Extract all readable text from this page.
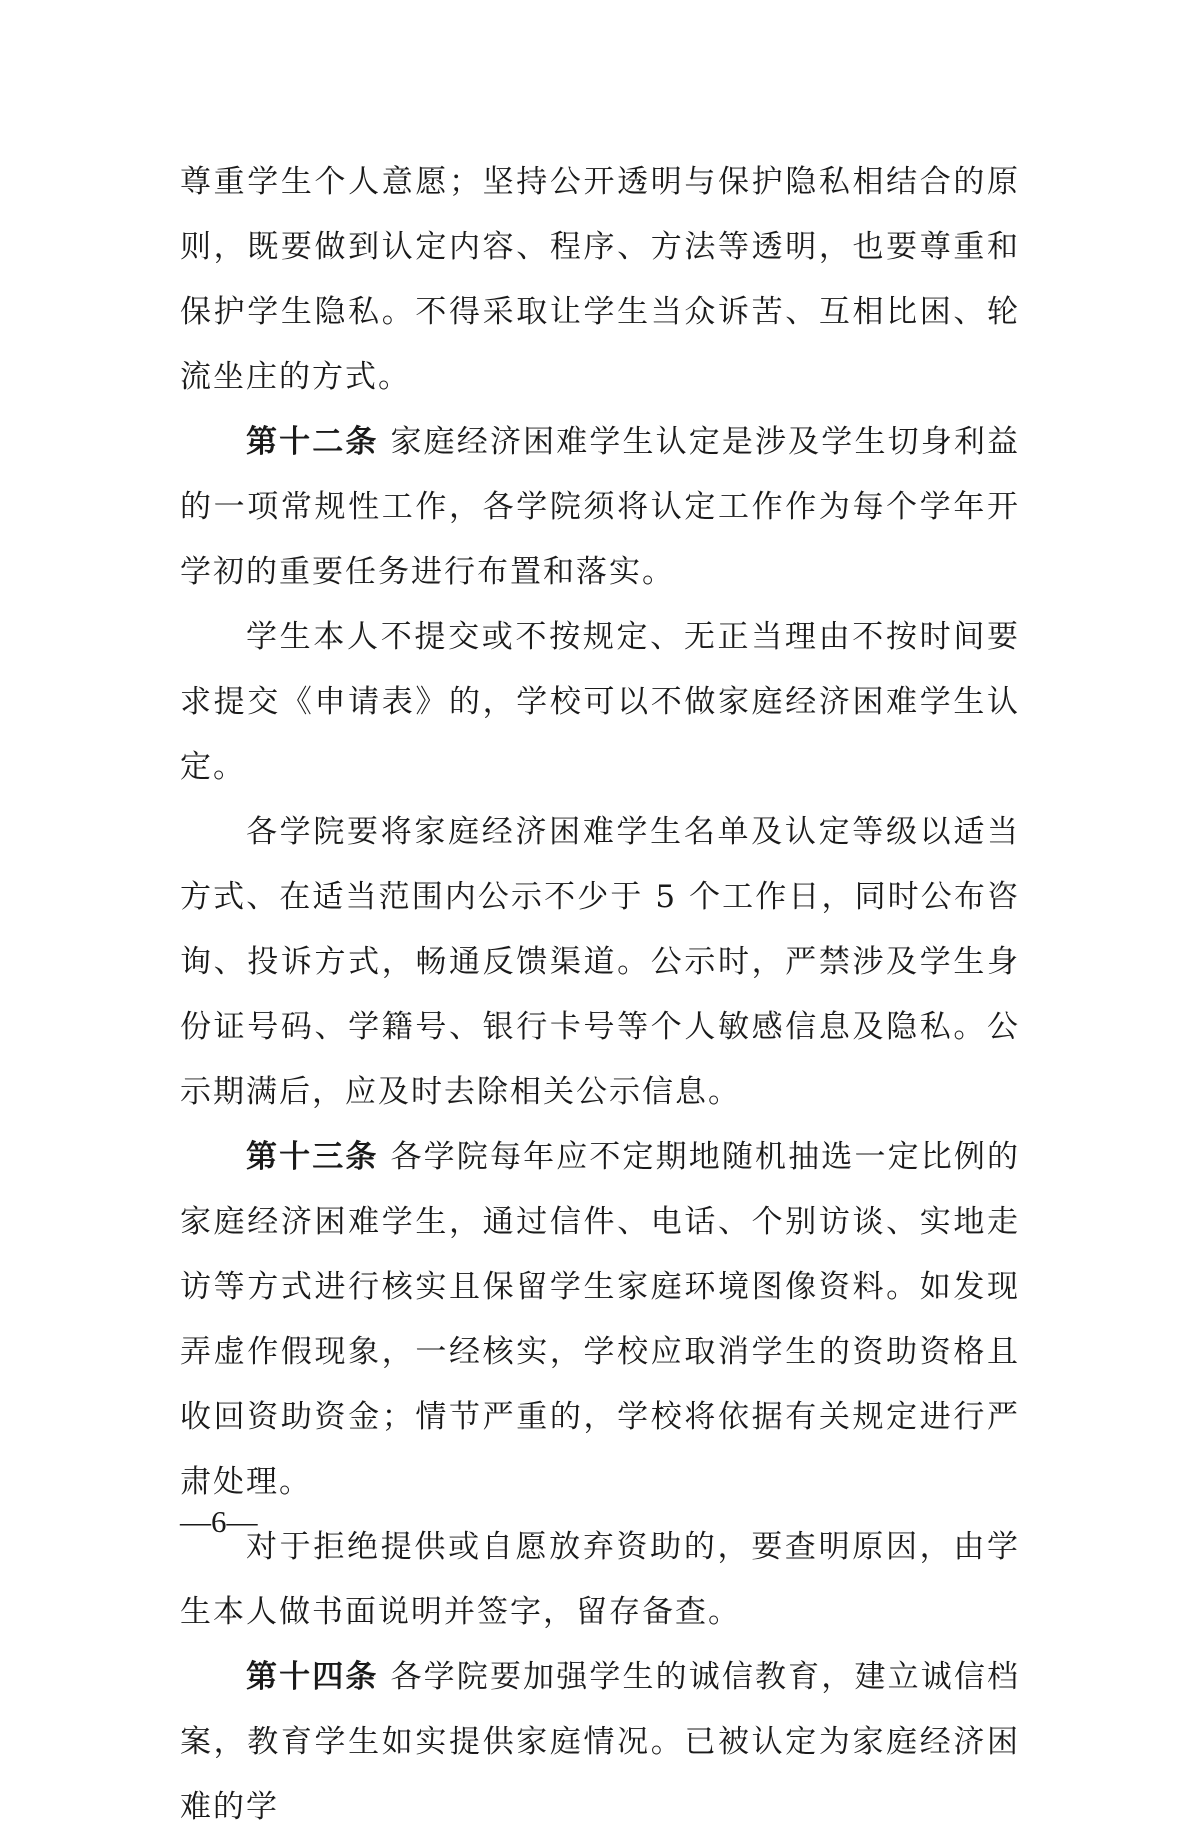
尊重学生个人意愿；坚持公开透明与保护隐私相结合的原则，既要做到认定内容、程序、方法等透明，也要尊重和保护学生隐私。不得采取让学生当众诉苦、互相比困、轮流坐庄的方式。

第十二条 家庭经济困难学生认定是涉及学生切身利益的一项常规性工作，各学院须将认定工作作为每个学年开学初的重要任务进行布置和落实。

学生本人不提交或不按规定、无正当理由不按时间要求提交《申请表》的，学校可以不做家庭经济困难学生认定。

各学院要将家庭经济困难学生名单及认定等级以适当方式、在适当范围内公示不少于 5 个工作日，同时公布咨询、投诉方式，畅通反馈渠道。公示时，严禁涉及学生身份证号码、学籍号、银行卡号等个人敏感信息及隐私。公示期满后，应及时去除相关公示信息。

第十三条 各学院每年应不定期地随机抽选一定比例的家庭经济困难学生，通过信件、电话、个别访谈、实地走访等方式进行核实且保留学生家庭环境图像资料。如发现弄虚作假现象，一经核实，学校应取消学生的资助资格且收回资助资金；情节严重的，学校将依据有关规定进行严肃处理。

对于拒绝提供或自愿放弃资助的，要查明原因，由学生本人做书面说明并签字，留存备查。

第十四条 各学院要加强学生的诚信教育，建立诚信档案，教育学生如实提供家庭情况。已被认定为家庭经济困难的学

—6—
